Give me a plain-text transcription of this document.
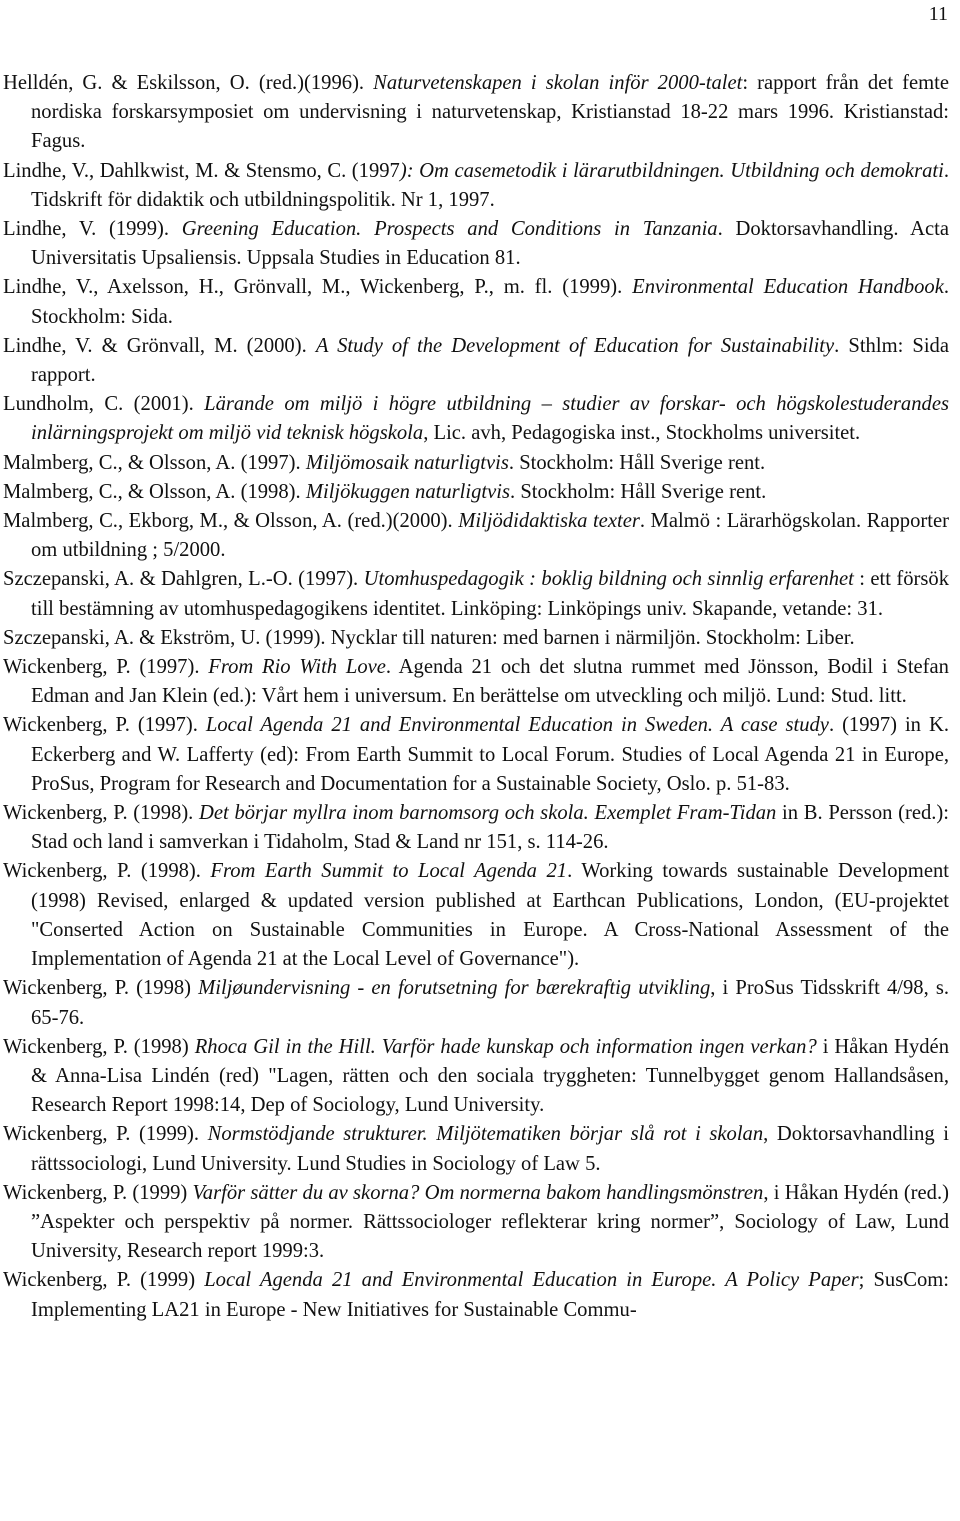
11
Helldén, G. & Eskilsson, O. (red.)(1996). Naturvetenskapen i skolan inför 2000-talet: rapport från det femte nordiska forskarsymposiet om undervisning i naturvetenskap, Kristianstad 18-22 mars 1996. Kristianstad: Fagus.
Lindhe, V., Dahlkwist, M. & Stensmo, C. (1997): Om casemetodik i lärarutbildningen. Utbildning och demokrati. Tidskrift för didaktik och utbildningspolitik. Nr 1, 1997.
Lindhe, V. (1999). Greening Education. Prospects and Conditions in Tanzania. Doktorsavhandling. Acta Universitatis Upsaliensis. Uppsala Studies in Education 81.
Lindhe, V., Axelsson, H., Grönvall, M., Wickenberg, P., m. fl. (1999). Environmental Education Handbook. Stockholm: Sida.
Lindhe, V. & Grönvall, M. (2000). A Study of the Development of Education for Sustainability. Sthlm: Sida rapport.
Lundholm, C. (2001). Lärande om miljö i högre utbildning – studier av forskar- och högskolestuderandes inlärningsprojekt om miljö vid teknisk högskola, Lic. avh, Pedagogiska inst., Stockholms universitet.
Malmberg, C., & Olsson, A. (1997). Miljömosaik naturligtvis. Stockholm: Håll Sverige rent.
Malmberg, C., & Olsson, A. (1998). Miljökuggen naturligtvis. Stockholm: Håll Sverige rent.
Malmberg, C., Ekborg, M., & Olsson, A. (red.)(2000). Miljödidaktiska texter. Malmö : Lärarhögskolan. Rapporter om utbildning ; 5/2000.
Szczepanski, A. & Dahlgren, L.-O. (1997). Utomhuspedagogik : boklig bildning och sinnlig erfarenhet : ett försök till bestämning av utomhuspedagogikens identitet. Linköping: Linköpings univ. Skapande, vetande: 31.
Szczepanski, A. & Ekström, U. (1999). Nycklar till naturen: med barnen i närmiljön. Stockholm: Liber.
Wickenberg, P. (1997). From Rio With Love. Agenda 21 och det slutna rummet med Jönsson, Bodil i Stefan Edman and Jan Klein (ed.): Vårt hem i universum. En berättelse om utveckling och miljö. Lund: Stud. litt.
Wickenberg, P. (1997). Local Agenda 21 and Environmental Education in Sweden. A case study. (1997) in K. Eckerberg and W. Lafferty (ed): From Earth Summit to Local Forum. Studies of Local Agenda 21 in Europe, ProSus, Program for Research and Documentation for a Sustainable Society, Oslo. p. 51-83.
Wickenberg, P. (1998). Det börjar myllra inom barnomsorg och skola. Exemplet Fram-Tidan in B. Persson (red.): Stad och land i samverkan i Tidaholm, Stad & Land nr 151, s. 114-26.
Wickenberg, P. (1998). From Earth Summit to Local Agenda 21. Working towards sustainable Development (1998) Revised, enlarged & updated version published at Earthcan Publications, London, (EU-projektet "Conserted Action on Sustainable Communities in Europe. A Cross-National Assessment of the Implementation of Agenda 21 at the Local Level of Governance").
Wickenberg, P. (1998) Miljøundervisning - en forutsetning for bærekraftig utvikling, i ProSus Tidsskrift 4/98, s. 65-76.
Wickenberg, P. (1998) Rhoca Gil in the Hill. Varför hade kunskap och information ingen verkan? i Håkan Hydén & Anna-Lisa Lindén (red) "Lagen, rätten och den sociala tryggheten: Tunnelbygget genom Hallandsåsen, Research Report 1998:14, Dep of Sociology, Lund University.
Wickenberg, P. (1999). Normstödjande strukturer. Miljötematiken börjar slå rot i skolan, Doktorsavhandling i rättssociologi, Lund University. Lund Studies in Sociology of Law 5.
Wickenberg, P. (1999) Varför sätter du av skorna? Om normerna bakom handlingsmönstren, i Håkan Hydén (red.) ”Aspekter och perspektiv på normer. Rättssociologer reflekterar kring normer”, Sociology of Law, Lund University, Research report 1999:3.
Wickenberg, P. (1999) Local Agenda 21 and Environmental Education in Europe. A Policy Paper; SusCom: Implementing LA21 in Europe - New Initiatives for Sustainable Commu-
